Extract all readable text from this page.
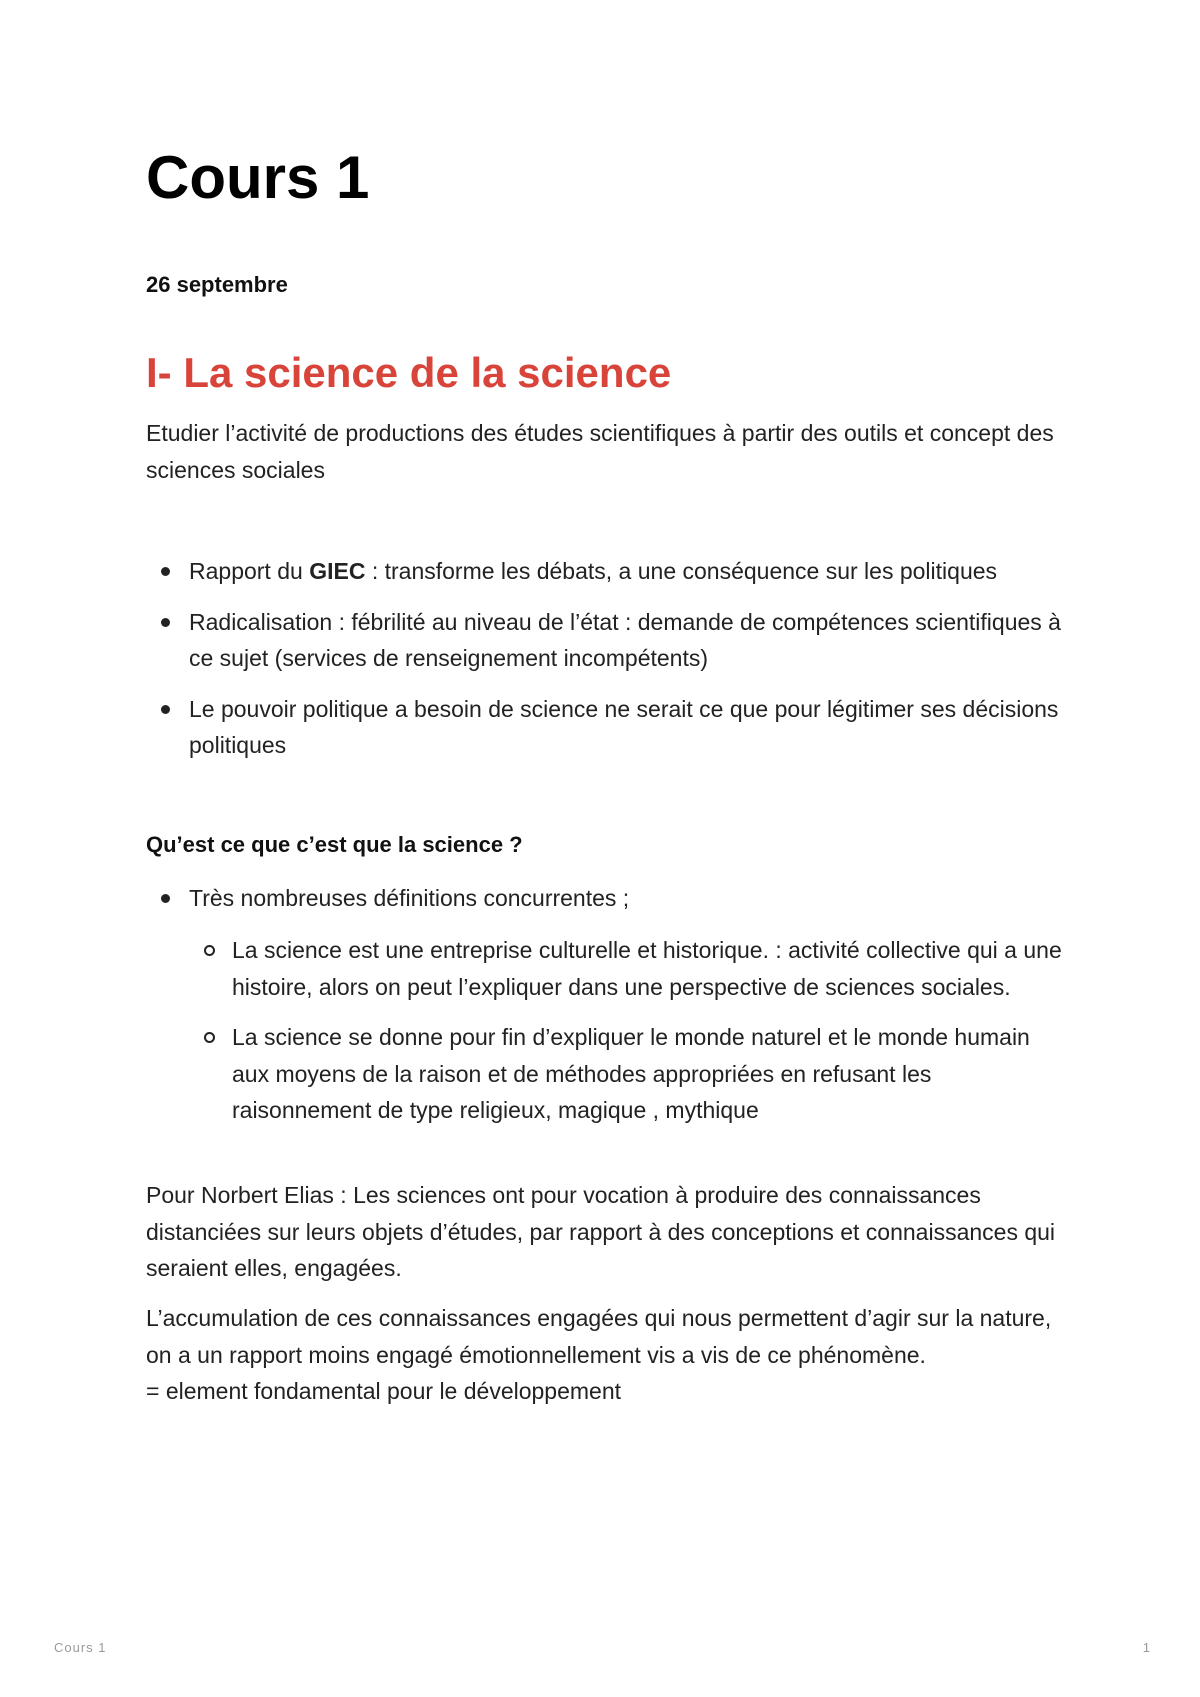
Cours 1

26 septembre

I- La science de la science

Etudier l’activité de productions des études scientifiques à partir des outils et concept des sciences sociales

Rapport du GIEC : transforme les débats, a une conséquence sur les politiques
Radicalisation : fébrilité au niveau de l’état : demande de compétences scientifiques à ce sujet (services de renseignement incompétents)
Le pouvoir politique a besoin de science ne serait ce que pour légitimer ses décisions politiques

Qu’est ce que c’est que la science ?

Très nombreuses définitions concurrentes ;
La science est une entreprise culturelle et historique. : activité collective qui a une histoire, alors on peut l’expliquer dans une perspective de sciences sociales.
La science se donne pour fin d’expliquer le monde naturel et le monde humain aux moyens de la raison et de méthodes appropriées en refusant les raisonnement de type religieux, magique , mythique

Pour Norbert Elias : Les sciences ont pour vocation à produire des connaissances distanciées sur leurs objets d’études, par rapport à des conceptions et connaissances qui seraient elles, engagées.

L’accumulation de ces connaissances engagées qui nous permettent d’agir sur la nature, on a un rapport moins engagé émotionnellement vis a vis de ce phénomène.
= element fondamental pour le développement

Cours 1	1
